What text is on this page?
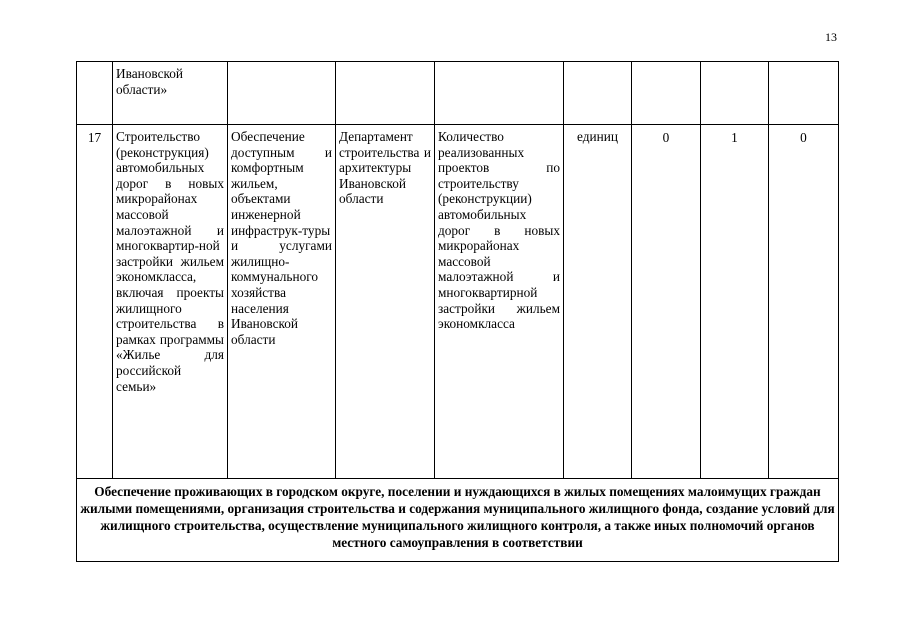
13

	Ивановской области»							

17	Строительство (реконструкция) автомобильных дорог в новых микрорайонах массовой малоэтажной и многоквартир-ной застройки жильем экономкласса, включая проекты жилищного строительства в рамках программы «Жилье для российской семьи»	Обеспечение доступным и комфортным жильем, объектами инженерной инфраструк-туры и услугами жилищно-коммунального хозяйства населения Ивановской области	Департамент строительства и архитектуры Ивановской области	Количество реализованных проектов по строительству (реконструкции) автомобильных дорог в новых микрорайонах массовой малоэтажной и многоквартирной застройки жильем экономкласса	единиц	0	1	0
Обеспечение проживающих в городском округе, поселении и нуждающихся в жилых помещениях малоимущих граждан жилыми помещениями, организация строительства и содержания муниципального жилищного фонда, создание условий для жилищного строительства, осуществление муниципального жилищного контроля, а также иных полномочий органов местного самоуправления в соответствии								
